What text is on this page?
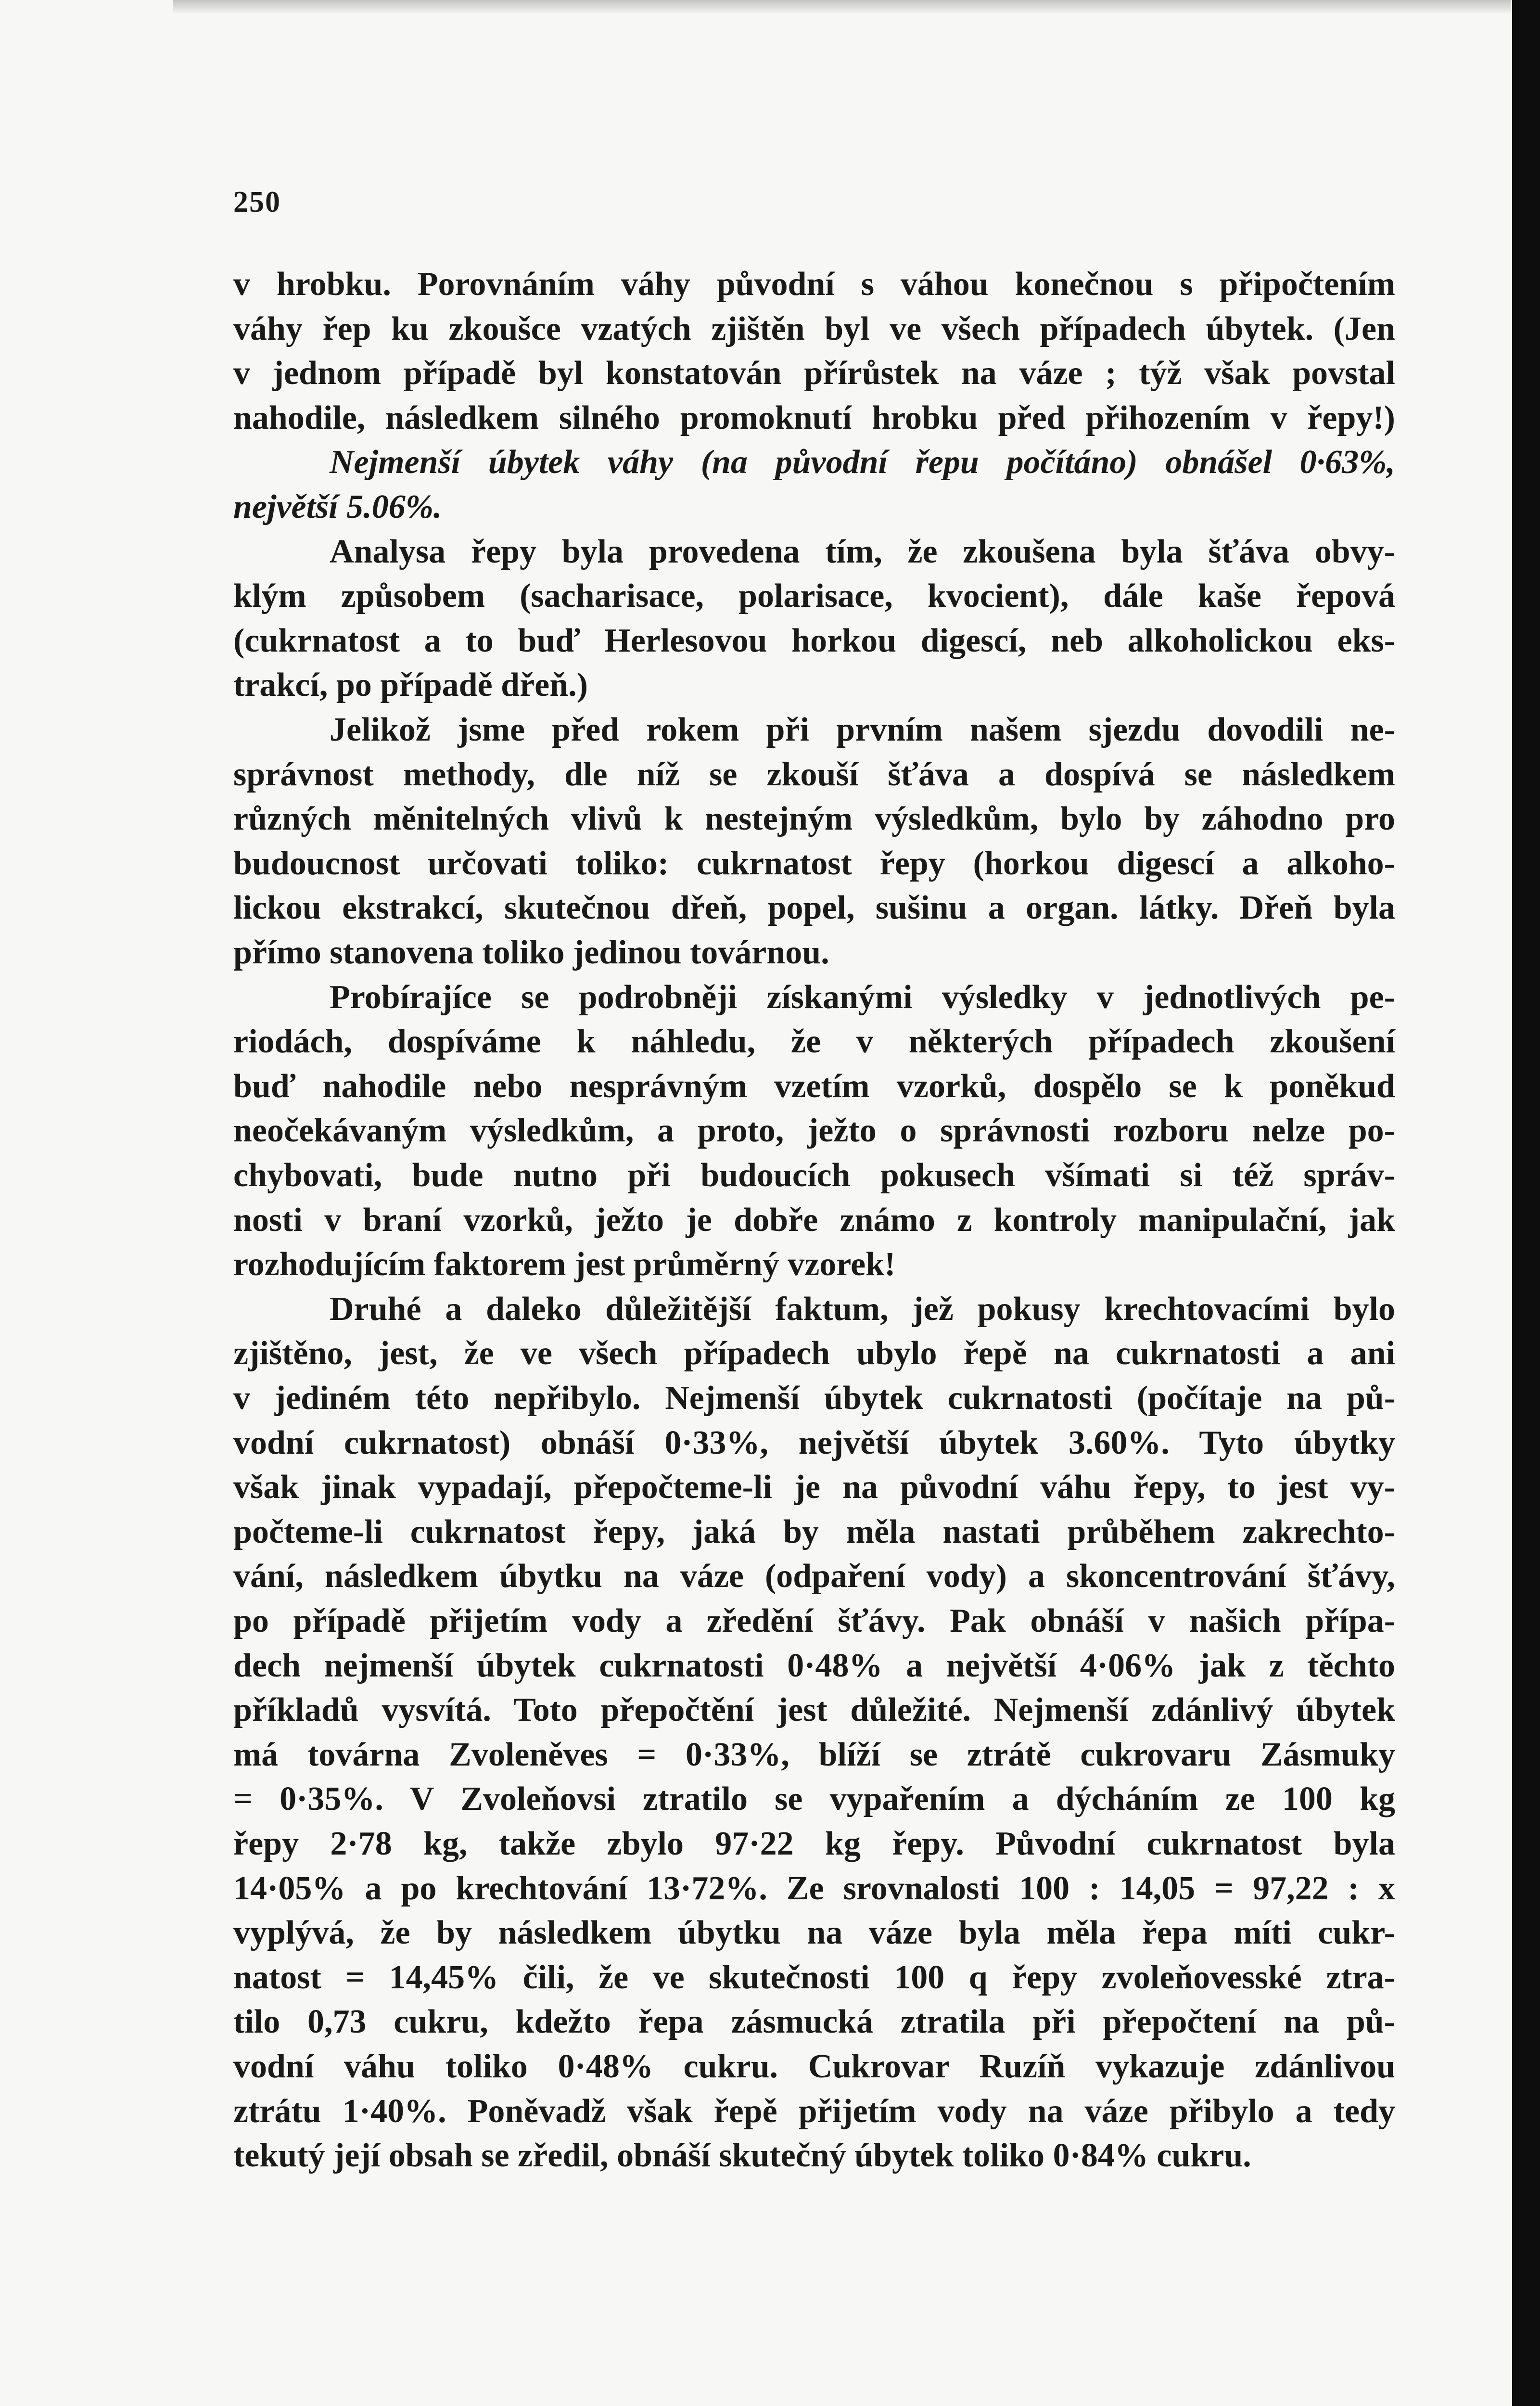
250
v hrobku. Porovnáním váhy původní s váhou konečnou s připočtením
váhy řep ku zkoušce vzatých zjištěn byl ve všech případech úbytek. (Jen
v jednom případě byl konstatován přírůstek na váze ; týž však povstal
nahodile, následkem silného promoknutí hrobku před přihozením v řepy!)
Nejmenší úbytek váhy (na původní řepu počítáno) obnášel 0·63%,
největší 5.06%.
Analysa řepy byla provedena tím, že zkoušena byla šťáva obvy-
klým způsobem (sacharisace, polarisace, kvocient), dále kaše řepová
(cukrnatost a to buď Herlesovou horkou digescí, neb alkoholickou eks-
trakcí, po případě dřeň.)
Jelikož jsme před rokem při prvním našem sjezdu dovodili ne-
správnost methody, dle níž se zkouší šťáva a dospívá se následkem
různých měnitelných vlivů k nestejným výsledkům, bylo by záhodno pro
budoucnost určovati toliko: cukrnatost řepy (horkou digescí a alkoho-
lickou ekstrakcí, skutečnou dřeň, popel, sušinu a organ. látky. Dřeň byla
přímo stanovena toliko jedinou továrnou.
Probírajíce se podrobněji získanými výsledky v jednotlivých pe-
riodách, dospíváme k náhledu, že v některých případech zkoušení
buď nahodile nebo nesprávným vzetím vzorků, dospělo se k poněkud
neočekávaným výsledkům, a proto, ježto o správnosti rozboru nelze po-
chybovati, bude nutno při budoucích pokusech všímati si též správ-
nosti v braní vzorků, ježto je dobře známo z kontroly manipulační, jak
rozhodujícím faktorem jest průměrný vzorek!
Druhé a daleko důležitější faktum, jež pokusy krechtovacími bylo
zjištěno, jest, že ve všech případech ubylo řepě na cukrnatosti a ani
v jediném této nepřibylo. Nejmenší úbytek cukrnatosti (počítaje na pů-
vodní cukrnatost) obnáší 0·33%, největší úbytek 3.60%. Tyto úbytky
však jinak vypadají, přepočteme-li je na původní váhu řepy, to jest vy-
počteme-li cukrnatost řepy, jaká by měla nastati průběhem zakrechto-
vání, následkem úbytku na váze (odpaření vody) a skoncentrování šťávy,
po případě přijetím vody a zředění šťávy. Pak obnáší v našich přípa-
dech nejmenší úbytek cukrnatosti 0·48% a největší 4·06% jak z těchto
příkladů vysvítá. Toto přepočtění jest důležité. Nejmenší zdánlivý úbytek
má továrna Zvoleněves = 0·33%, blíží se ztrátě cukrovaru Zásmuky
= 0·35%. V Zvoleňovsi ztratilo se vypařením a dýcháním ze 100 kg
řepy 2·78 kg, takže zbylo 97·22 kg řepy. Původní cukrnatost byla
14·05% a po krechtování 13·72%. Ze srovnalosti 100 : 14,05 = 97,22 : x
vyplývá, že by následkem úbytku na váze byla měla řepa míti cukr-
natost = 14,45% čili, že ve skutečnosti 100 q řepy zvoleňovesské ztra-
tilo 0,73 cukru, kdežto řepa zásmucká ztratila při přepočtení na pů-
vodní váhu toliko 0·48% cukru. Cukrovar Ruzíň vykazuje zdánlivou
ztrátu 1·40%. Poněvadž však řepě přijetím vody na váze přibylo a tedy
tekutý její obsah se zředil, obnáší skutečný úbytek toliko 0·84% cukru.
